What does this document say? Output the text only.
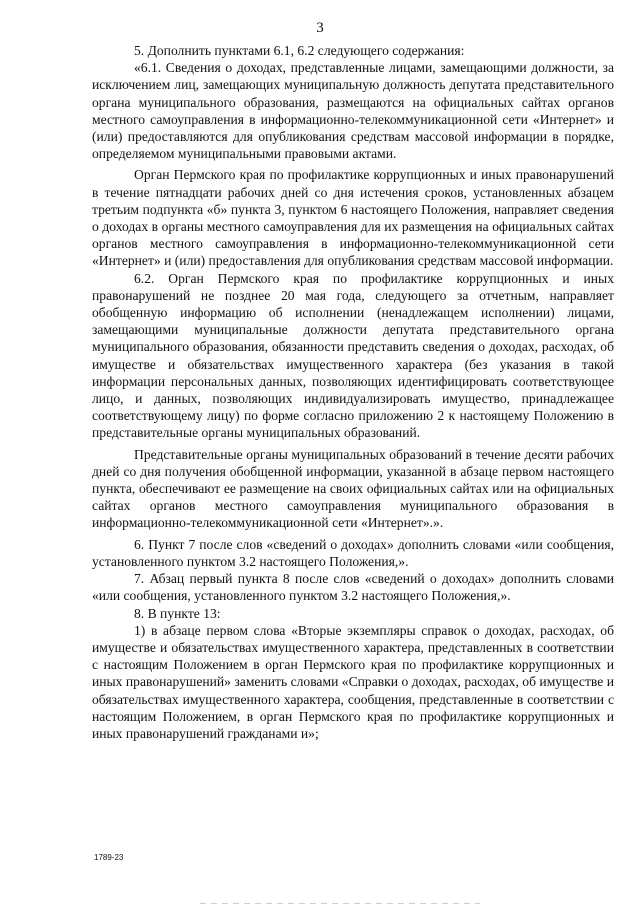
3

5. Дополнить пунктами 6.1, 6.2 следующего содержания:

«6.1. Сведения о доходах, представленные лицами, замещающими должности, за исключением лиц, замещающих муниципальную должность депутата представительного органа муниципального образования, размещаются на официальных сайтах органов местного самоуправления в информационно-телекоммуникационной сети «Интернет» и (или) предоставляются для опубликования средствам массовой информации в порядке, определяемом муниципальными правовыми актами.

Орган Пермского края по профилактике коррупционных и иных правонарушений в течение пятнадцати рабочих дней со дня истечения сроков, установленных абзацем третьим подпункта «б» пункта 3, пунктом 6 настоящего Положения, направляет сведения о доходах в органы местного самоуправления для их размещения на официальных сайтах органов местного самоуправления в информационно-телекоммуникационной сети «Интернет» и (или) предоставления для опубликования средствам массовой информации.

6.2. Орган Пермского края по профилактике коррупционных и иных правонарушений не позднее 20 мая года, следующего за отчетным, направляет обобщенную информацию об исполнении (ненадлежащем исполнении) лицами, замещающими муниципальные должности депутата представительного органа муниципального образования, обязанности представить сведения о доходах, расходах, об имуществе и обязательствах имущественного характера (без указания в такой информации персональных данных, позволяющих идентифицировать соответствующее лицо, и данных, позволяющих индивидуализировать имущество, принадлежащее соответствующему лицу) по форме согласно приложению 2 к настоящему Положению в представительные органы муниципальных образований.

Представительные органы муниципальных образований в течение десяти рабочих дней со дня получения обобщенной информации, указанной в абзаце первом настоящего пункта, обеспечивают ее размещение на своих официальных сайтах или на официальных сайтах органов местного самоуправления муниципального образования в информационно-телекоммуникационной сети «Интернет».».

6. Пункт 7 после слов «сведений о доходах» дополнить словами «или сообщения, установленного пунктом 3.2 настоящего Положения,».

7. Абзац первый пункта 8 после слов «сведений о доходах» дополнить словами «или сообщения, установленного пунктом 3.2 настоящего Положения,».

8. В пункте 13:

1) в абзаце первом слова «Вторые экземпляры справок о доходах, расходах, об имуществе и обязательствах имущественного характера, представленных в соответствии с настоящим Положением в орган Пермского края по профилактике коррупционных и иных правонарушений» заменить словами «Справки о доходах, расходах, об имуществе и обязательствах имущественного характера, сообщения, представленные в соответствии с настоящим Положением, в орган Пермского края по профилактике коррупционных и иных правонарушений гражданами и»;

1789-23
